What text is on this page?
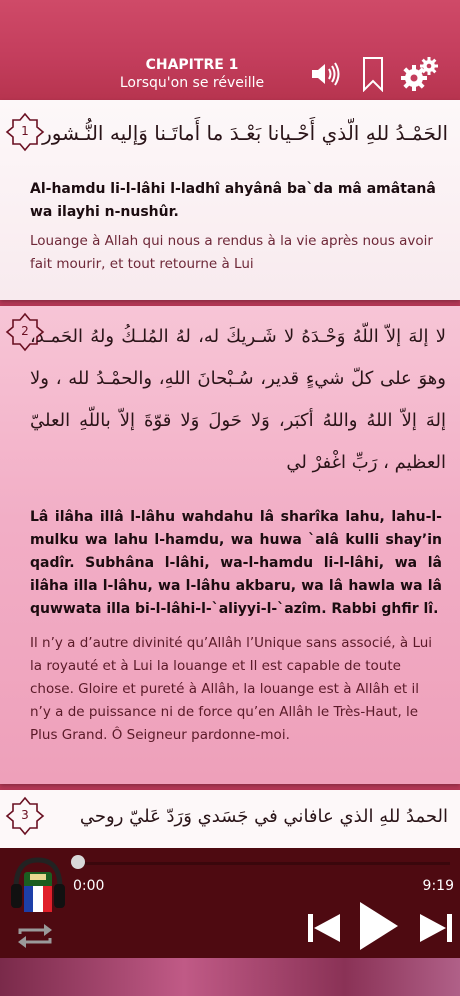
CHAPITRE 1
Lorsqu'on se réveille
1 الحَمْـدُ للهِ الّذي أَحْـيانا بَعْـدَ ما أَماتَـنا وَإليه النُّـشور
Al-hamdu li-l-lâhi l-ladhî ahyânâ ba`da mâ amâtanâ wa ilayhi n-nushûr.
Louange à Allah qui nous a rendus à la vie après nous avoir fait mourir, et tout retourne à Lui
2 لا إلهَ إلاّ اللّهُ وَحْـدَهُ لا شَـريكَ له، لهُ المُلـكُ ولهُ الحَمـد، وهوَ على كلّ شيءٍ قدير، سُـبْحانَ اللهِ، والحمْـدُ لله ، ولا إلهَ إلاّ اللهُ واللهُ أكبَر، وَلا حَولَ وَلا قوّةَ إلاّ باللّهِ العليّ العظيم ، رَبِّ اغْفرْ لي
Lâ ilâha illâ l-lâhu wahdahu lâ sharîka lahu, lahu-l-mulku wa lahu l-hamdu, wa huwa `alâ kulli shay’in qadîr. Subhâna l-lâhi, wa-l-hamdu li-l-lâhi, wa lâ ilâha illa l-lâhu, wa l-lâhu akbaru, wa lâ hawla wa lâ quwwata illa bi-l-lâhi-l-`aliyyi-l-`azîm. Rabbi ghfir lî.
Il n’y a d’autre divinité qu’Allâh l’Unique sans associé, à Lui la royauté et à Lui la louange et Il est capable de toute chose. Gloire et pureté à Allâh, la louange est à Allâh et il n’y a de puissance ni de force qu’en Allâh le Très-Haut, le Plus Grand. Ô Seigneur pardonne-moi.
3	الحمدُ للهِ الذي عافاني في جَسَدي وَرَدّ عَليّ روحي
0:00	9:19
